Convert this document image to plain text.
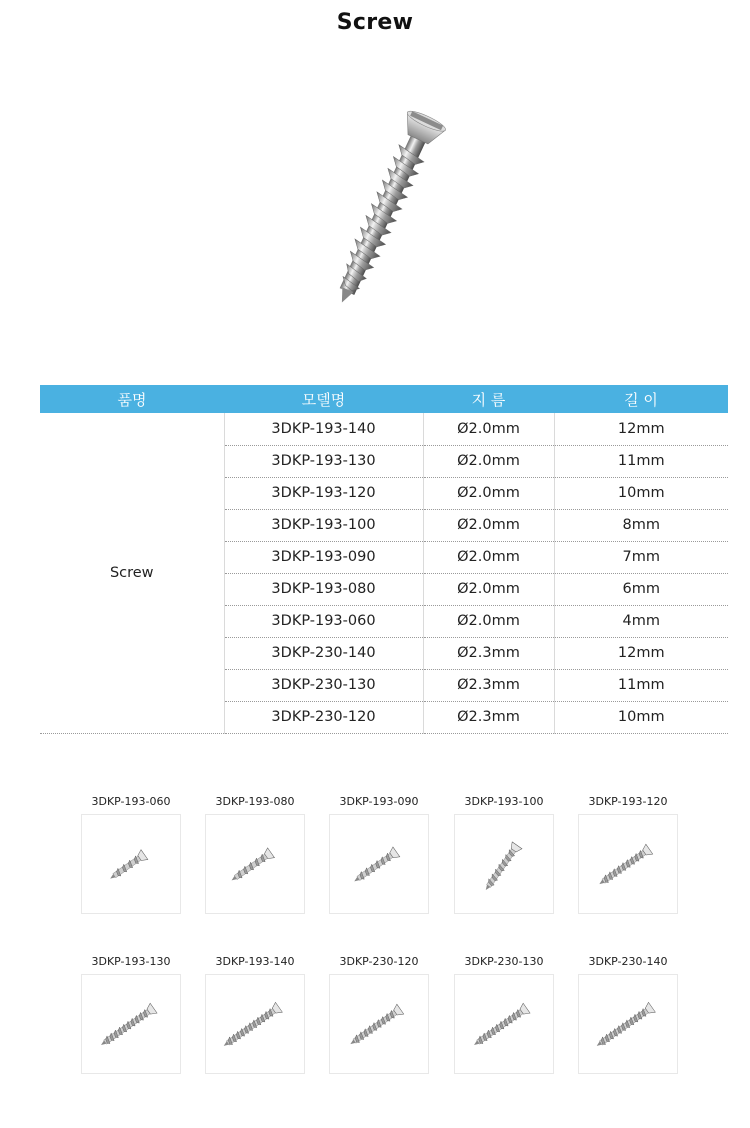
Screw
품명	모델명	지 름	길 이
Screw	3DKP-193-140	Ø2.0mm	12mm
	3DKP-193-130	Ø2.0mm	11mm
	3DKP-193-120	Ø2.0mm	10mm
	3DKP-193-100	Ø2.0mm	8mm
	3DKP-193-090	Ø2.0mm	7mm
	3DKP-193-080	Ø2.0mm	6mm
	3DKP-193-060	Ø2.0mm	4mm
	3DKP-230-140	Ø2.3mm	12mm
	3DKP-230-130	Ø2.3mm	11mm
	3DKP-230-120	Ø2.3mm	10mm
3DKP-193-060	3DKP-193-080	3DKP-193-090	3DKP-193-100	3DKP-193-120
3DKP-193-130	3DKP-193-140	3DKP-230-120	3DKP-230-130	3DKP-230-140
